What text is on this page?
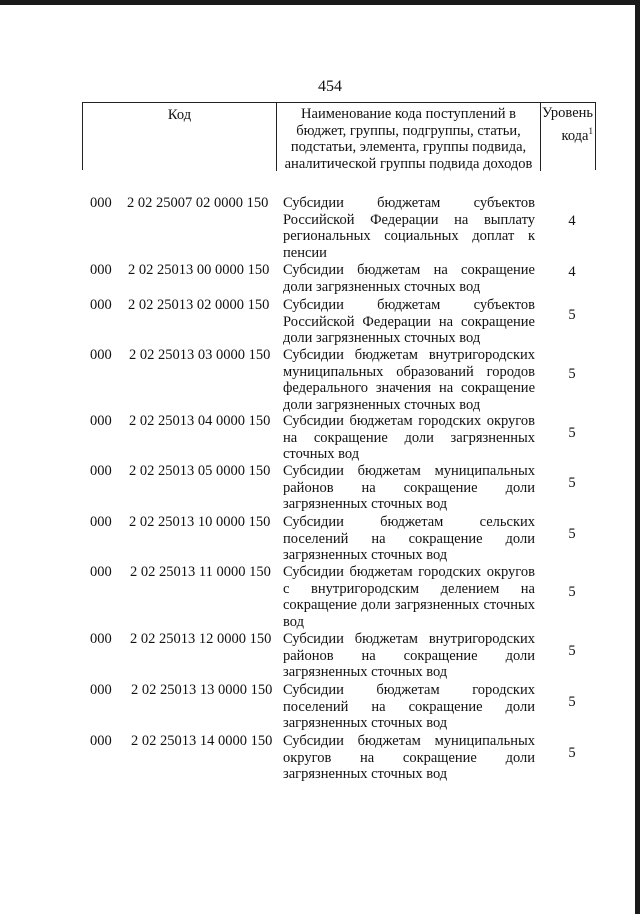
454
Код	Наименование кода поступлений в бюджет, группы, подгруппы, статьи, подстатьи, элемента, группы подвида, аналитической группы подвида доходов
Уровень кода$^1$
000	2 02 25007 02 0000 150	Субсидии бюджетам субъектов Российской Федерации на выплату региональных социальных доплат к пенсии
4
000	2 02 25013 00 0000 150 Субсидии бюджетам на сокращение доли загрязненных сточных вод
4
000	2 02 25013 02 0000 150 Субсидии бюджетам субъектов Российской Федерации на сокращение доли загрязненных сточных вод
5
000	2 02 25013 03 0000 150 Субсидии бюджетам внутригородских муниципальных образований городов федерального значения на сокращение доли загрязненных сточных вод
5
000	2 02 25013 04 0000 150 Субсидии бюджетам городских округов на сокращение доли загрязненных сточных вод
5
000	2 02 25013 05 0000 150 Субсидии бюджетам муниципальных районов на сокращение доли загрязненных сточных вод
5
000	2 02 25013 10 0000 150 Субсидии бюджетам сельских поселений на сокращение доли загрязненных сточных вод
5
000	2 02 25013 11 0000 150 Субсидии бюджетам городских округов с внутригородским делением на сокращение доли загрязненных сточных вод
5
000	2 02 25013 12 0000 150 Субсидии бюджетам внутригородских районов на сокращение доли загрязненных сточных вод
5
000	2 02 25013 13 0000 150 Субсидии бюджетам городских поселений на сокращение доли загрязненных сточных вод
5
000	2 02 25013 14 0000 150 Субсидии бюджетам муниципальных округов на сокращение доли загрязненных сточных вод
5
